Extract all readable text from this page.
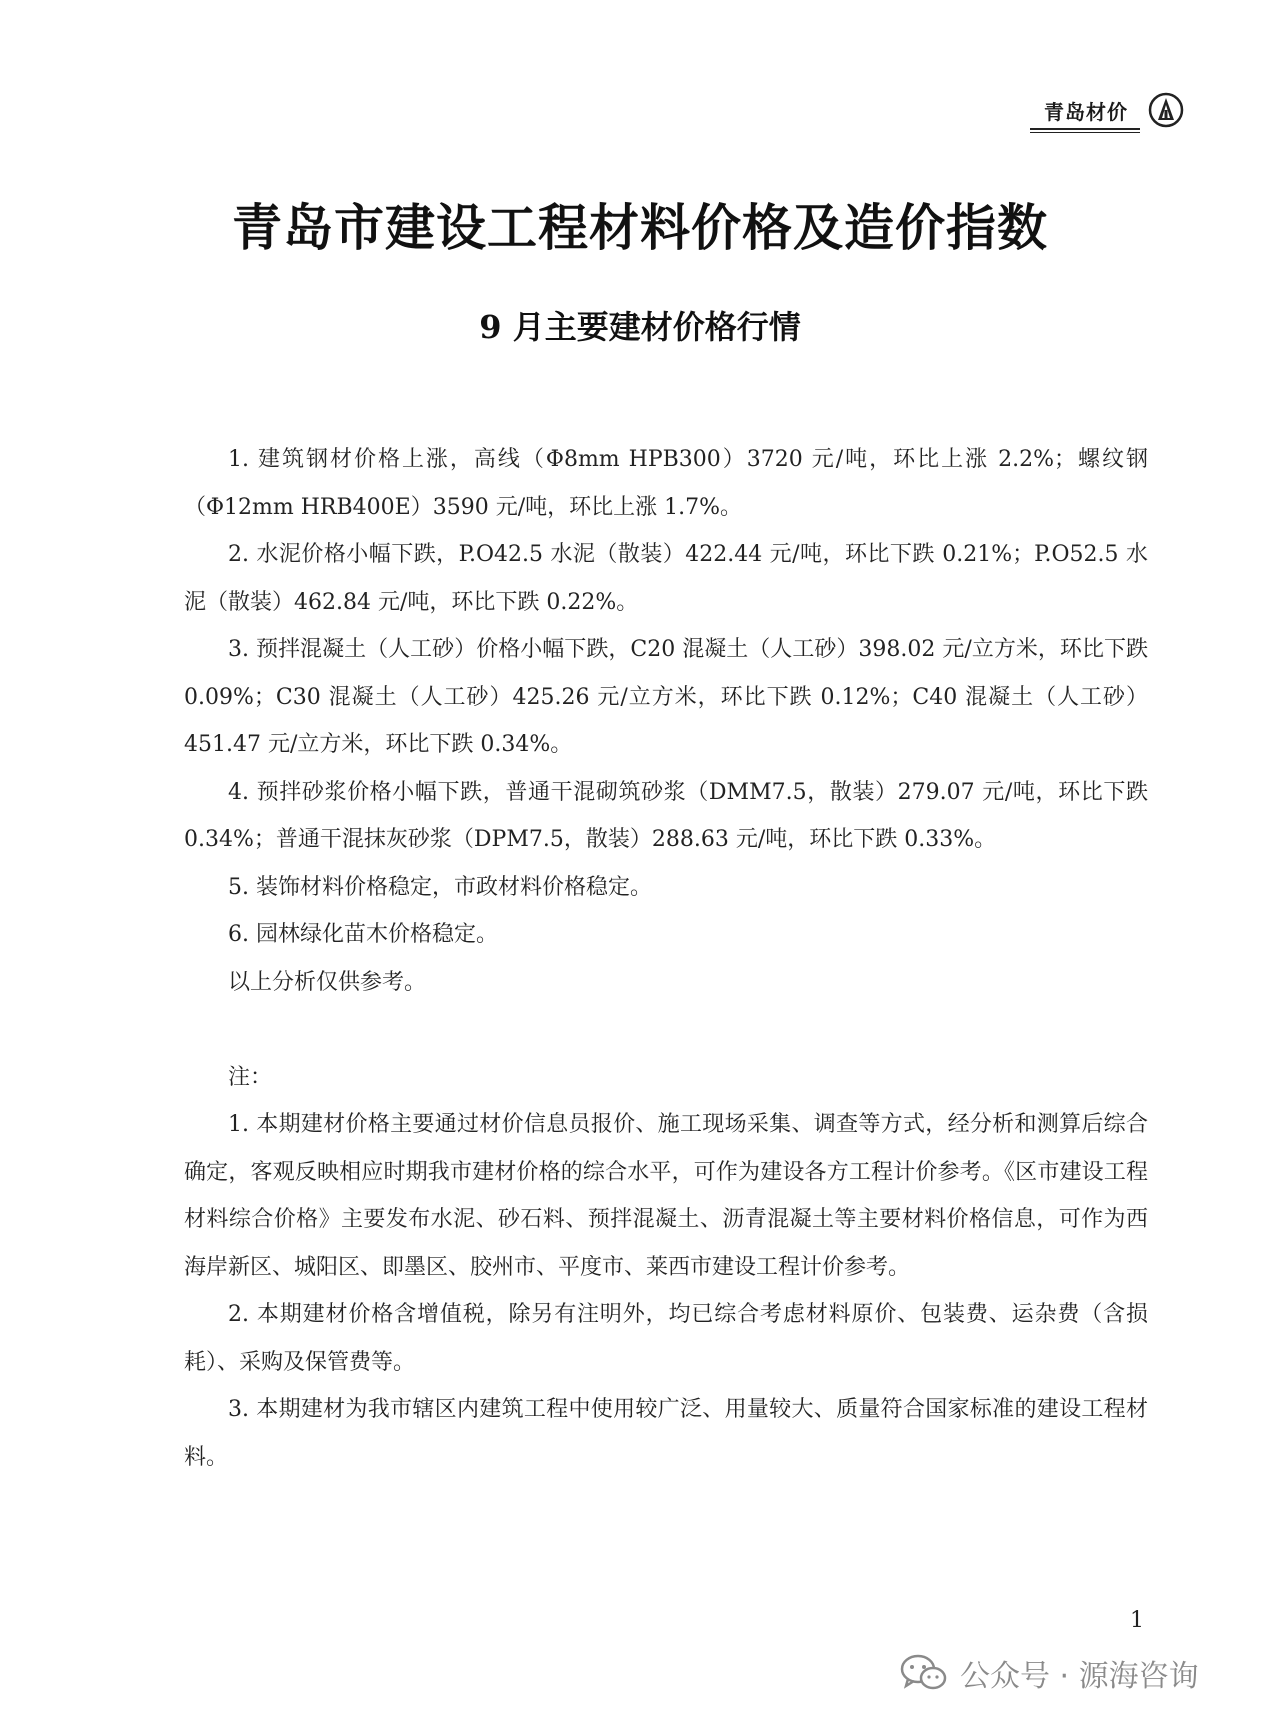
青岛材价
青岛市建设工程材料价格及造价指数
9 月主要建材价格行情

1. 建筑钢材价格上涨，高线（Φ8mm HPB300）3720 元/吨，环比上涨 2.2%；螺纹钢（Φ12mm HRB400E）3590 元/吨，环比上涨 1.7%。

2. 水泥价格小幅下跌，P.O42.5 水泥（散装）422.44 元/吨，环比下跌 0.21%；P.O52.5 水泥（散装）462.84 元/吨，环比下跌 0.22%。

3. 预拌混凝土（人工砂）价格小幅下跌，C20 混凝土（人工砂）398.02 元/立方米，环比下跌 0.09%；C30 混凝土（人工砂）425.26 元/立方米，环比下跌 0.12%；C40 混凝土（人工砂）451.47 元/立方米，环比下跌 0.34%。

4. 预拌砂浆价格小幅下跌，普通干混砌筑砂浆（DMM7.5，散装）279.07 元/吨，环比下跌 0.34%；普通干混抹灰砂浆（DPM7.5，散装）288.63 元/吨，环比下跌 0.33%。

5. 装饰材料价格稳定，市政材料价格稳定。

6. 园林绿化苗木价格稳定。

以上分析仅供参考。

注：

1. 本期建材价格主要通过材价信息员报价、施工现场采集、调查等方式，经分析和测算后综合确定，客观反映相应时期我市建材价格的综合水平，可作为建设各方工程计价参考。《区市建设工程材料综合价格》主要发布水泥、砂石料、预拌混凝土、沥青混凝土等主要材料价格信息，可作为西海岸新区、城阳区、即墨区、胶州市、平度市、莱西市建设工程计价参考。

2. 本期建材价格含增值税，除另有注明外，均已综合考虑材料原价、包装费、运杂费（含损耗）、采购及保管费等。

3. 本期建材为我市辖区内建筑工程中使用较广泛、用量较大、质量符合国家标准的建设工程材料。

1
公众号 · 源海咨询
